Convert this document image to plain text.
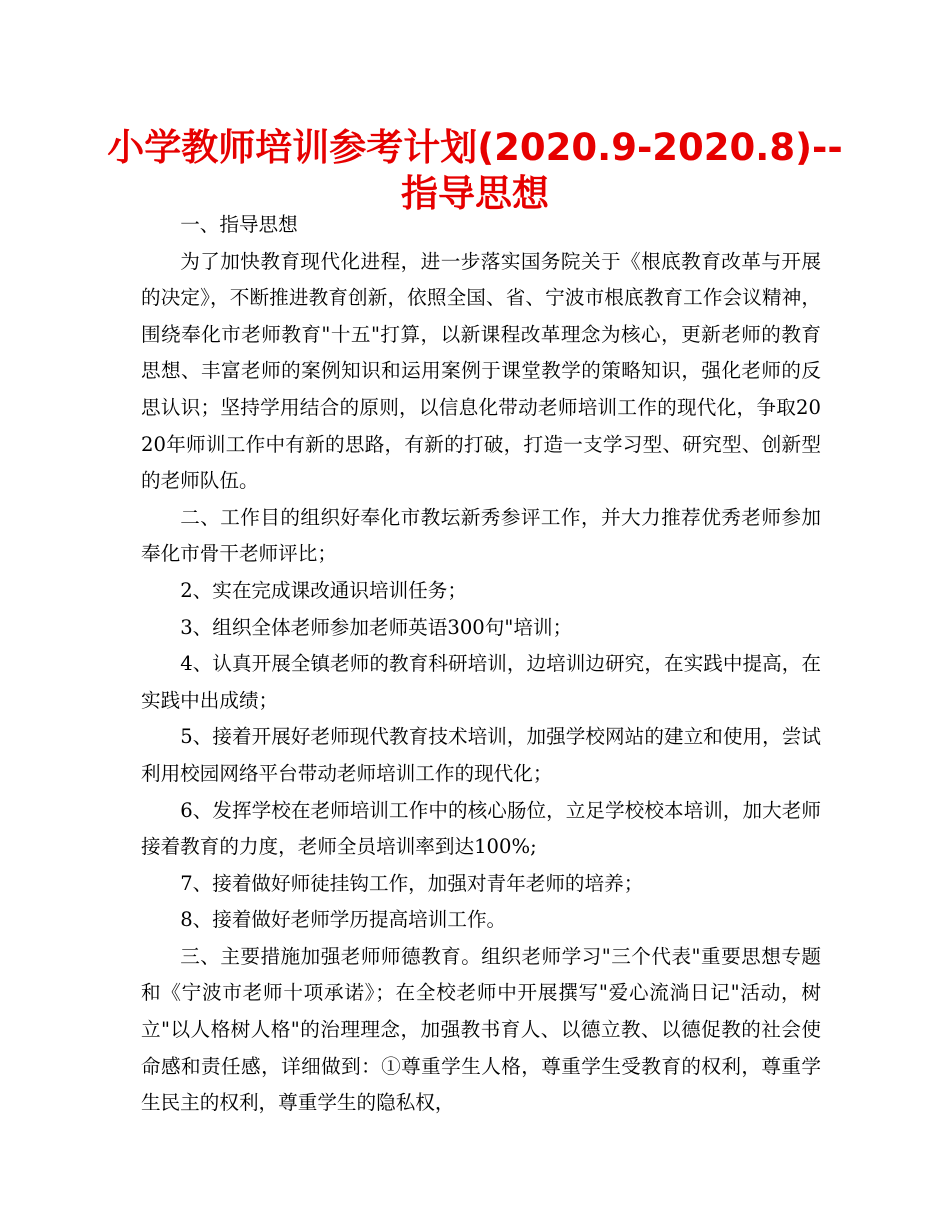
小学教师培训参考计划(2020.9-2020.8)--
指导思想

一、指导思想

为了加快教育现代化进程，进一步落实国务院关于《根底教育改革与开展的决定》，不断推进教育创新，依照全国、省、宁波市根底教育工作会议精神，围绕奉化市老师教育"十五"打算，以新课程改革理念为核心，更新老师的教育思想、丰富老师的案例知识和运用案例于课堂教学的策略知识，强化老师的反思认识；坚持学用结合的原则，以信息化带动老师培训工作的现代化，争取2020年师训工作中有新的思路，有新的打破，打造一支学习型、研究型、创新型的老师队伍。

二、工作目的组织好奉化市教坛新秀参评工作，并大力推荐优秀老师参加奉化市骨干老师评比；

2、实在完成课改通识培训任务；

3、组织全体老师参加老师英语300句"培训；

4、认真开展全镇老师的教育科研培训，边培训边研究，在实践中提高，在实践中出成绩；

5、接着开展好老师现代教育技术培训，加强学校网站的建立和使用，尝试利用校园网络平台带动老师培训工作的现代化；

6、发挥学校在老师培训工作中的核心肠位，立足学校校本培训，加大老师接着教育的力度，老师全员培训率到达100%;

7、接着做好师徒挂钩工作，加强对青年老师的培养；

8、接着做好老师学历提高培训工作。

三、主要措施加强老师师德教育。组织老师学习"三个代表"重要思想专题和《宁波市老师十项承诺》；在全校老师中开展撰写"爱心流淌日记"活动，树立"以人格树人格"的治理理念，加强教书育人、以德立教、以德促教的社会使命感和责任感，详细做到：①尊重学生人格，尊重学生受教育的权利，尊重学生民主的权利，尊重学生的隐私权，
